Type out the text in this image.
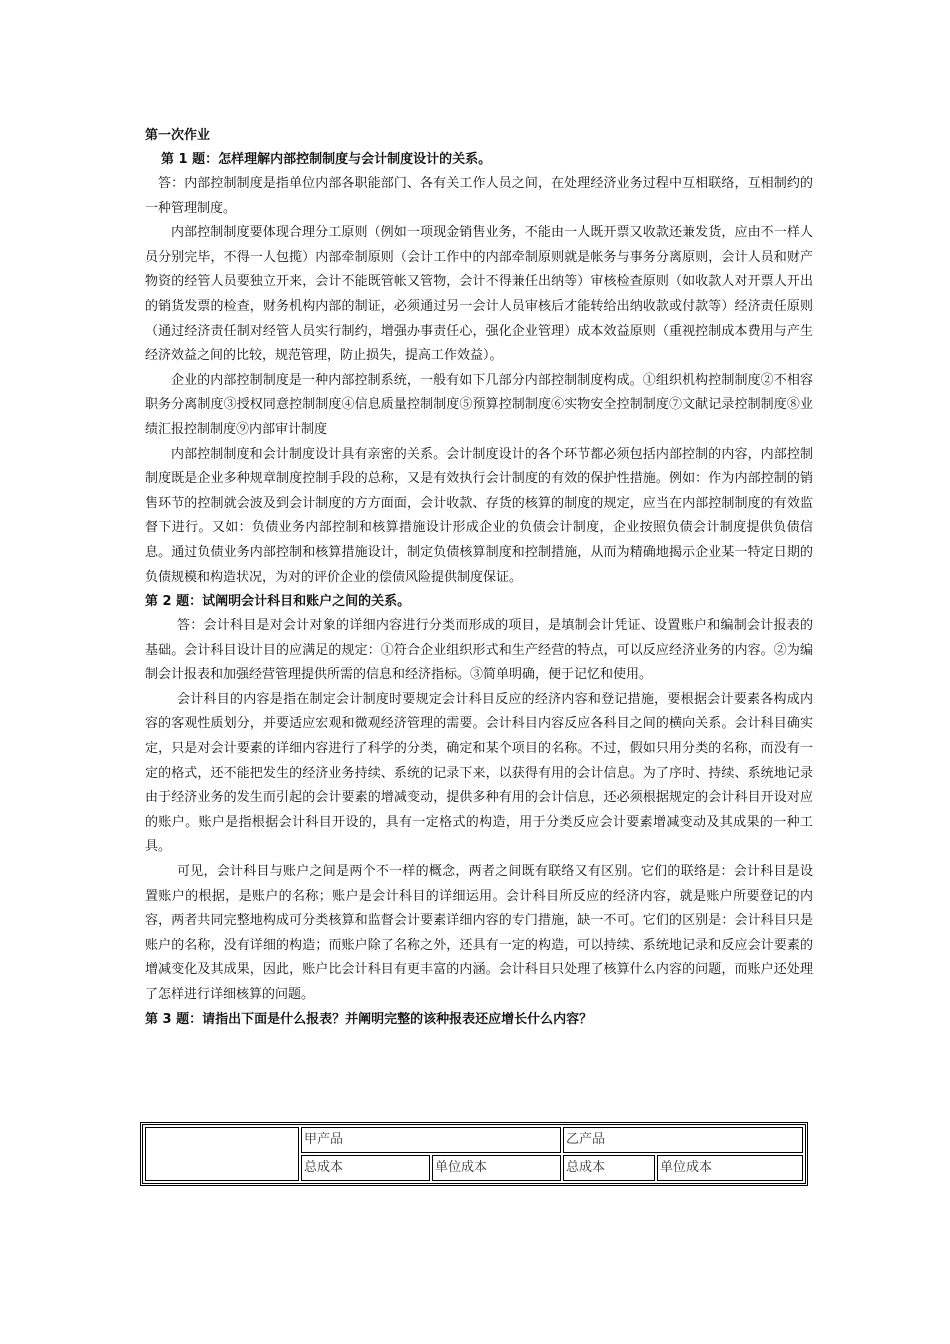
第一次作业
第 1 题：怎样理解内部控制制度与会计制度设计的关系。

答：内部控制制度是指单位内部各职能部门、各有关工作人员之间，在处理经济业务过程中互相联络，互相制约的一种管理制度。

内部控制制度要体现合理分工原则（例如一项现金销售业务，不能由一人既开票又收款还兼发货，应由不一样人员分别完毕，不得一人包揽）内部牵制原则（会计工作中的内部牵制原则就是帐务与事务分离原则，会计人员和财产物资的经管人员要独立开来，会计不能既管帐又管物，会计不得兼任出纳等）审核检查原则（如收款人对开票人开出的销货发票的检查，财务机构内部的制证，必须通过另一会计人员审核后才能转给出纳收款或付款等）经济责任原则（通过经济责任制对经管人员实行制约，增强办事责任心，强化企业管理）成本效益原则（重视控制成本费用与产生经济效益之间的比较，规范管理，防止损失，提高工作效益）。

企业的内部控制制度是一种内部控制系统，一般有如下几部分内部控制制度构成。①组织机构控制制度②不相容职务分离制度③授权同意控制制度④信息质量控制制度⑤预算控制制度⑥实物安全控制制度⑦文献记录控制制度⑧业绩汇报控制制度⑨内部审计制度

内部控制制度和会计制度设计具有亲密的关系。会计制度设计的各个环节都必须包括内部控制的内容，内部控制制度既是企业多种规章制度控制手段的总称，又是有效执行会计制度的有效的保护性措施。例如：作为内部控制的销售环节的控制就会波及到会计制度的方方面面，会计收款、存货的核算的制度的规定，应当在内部控制制度的有效监督下进行。又如：负债业务内部控制和核算措施设计形成企业的负债会计制度，企业按照负债会计制度提供负债信息。通过负债业务内部控制和核算措施设计，制定负债核算制度和控制措施，从而为精确地揭示企业某一特定日期的负债规模和构造状况，为对的评价企业的偿债风险提供制度保证。

第 2 题：试阐明会计科目和账户之间的关系。

答：会计科目是对会计对象的详细内容进行分类而形成的项目，是填制会计凭证、设置账户和编制会计报表的基础。会计科目设计目的应满足的规定：①符合企业组织形式和生产经营的特点，可以反应经济业务的内容。②为编制会计报表和加强经营管理提供所需的信息和经济指标。③简单明确，便于记忆和使用。

会计科目的内容是指在制定会计制度时要规定会计科目反应的经济内容和登记措施，要根据会计要素各构成内容的客观性质划分，并要适应宏观和微观经济管理的需要。会计科目内容反应各科目之间的横向关系。会计科目确实定，只是对会计要素的详细内容进行了科学的分类，确定和某个项目的名称。不过，假如只用分类的名称，而没有一定的格式，还不能把发生的经济业务持续、系统的记录下来，以获得有用的会计信息。为了序时、持续、系统地记录由于经济业务的发生而引起的会计要素的增减变动，提供多种有用的会计信息，还必须根据规定的会计科目开设对应的账户。账户是指根据会计科目开设的，具有一定格式的构造，用于分类反应会计要素增减变动及其成果的一种工具。

可见，会计科目与账户之间是两个不一样的概念，两者之间既有联络又有区别。它们的联络是：会计科目是设置账户的根据，是账户的名称；账户是会计科目的详细运用。会计科目所反应的经济内容，就是账户所要登记的内容，两者共同完整地构成可分类核算和监督会计要素详细内容的专门措施，缺一不可。它们的区别是：会计科目只是账户的名称，没有详细的构造；而账户除了名称之外，还具有一定的构造，可以持续、系统地记录和反应会计要素的增减变化及其成果，因此，账户比会计科目有更丰富的内涵。会计科目只处理了核算什么内容的问题，而账户还处理了怎样进行详细核算的问题。

第 3 题：请指出下面是什么报表？并阐明完整的该种报表还应增长什么内容？
	甲产品		乙产品	
	总成本	单位成本	总成本	单位成本
